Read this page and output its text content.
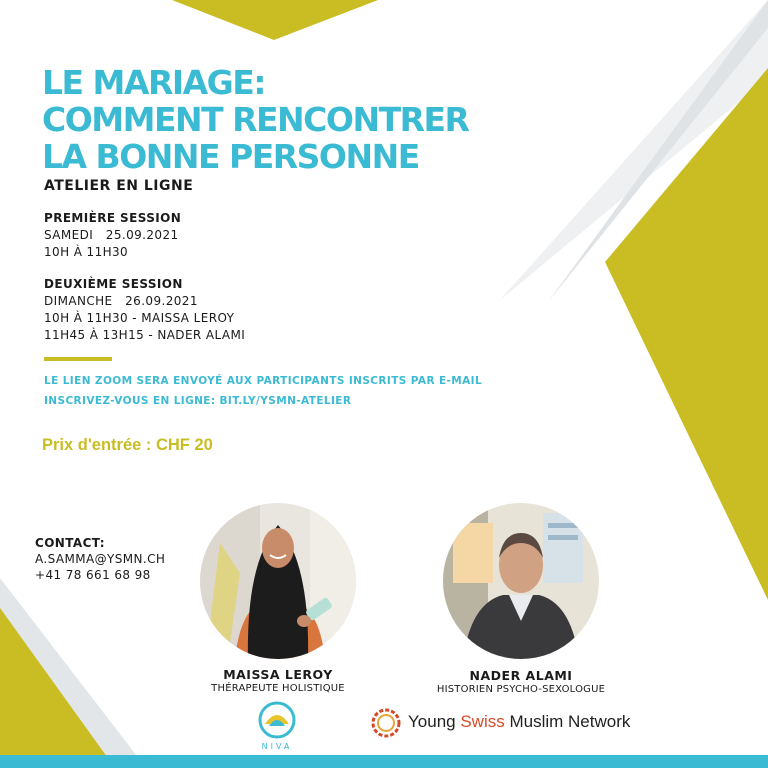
LE MARIAGE:
COMMENT RENCONTRER
LA BONNE PERSONNE
ATELIER EN LIGNE
PREMIÈRE SESSION
SAMEDI   25.09.2021
10H À 11H30
DEUXIÈME SESSION
DIMANCHE   26.09.2021
10H À 11H30 - MAISSA LEROY
11H45 À 13H15 - NADER ALAMI
LE LIEN ZOOM SERA ENVOYÉ AUX PARTICIPANTS INSCRITS PAR E-MAIL
INSCRIVEZ-VOUS EN LIGNE: BIT.LY/YSMN-ATELIER
Prix d'entrée : CHF 20
CONTACT:
A.SAMMA@YSMN.CH
+41 78 661 68 98
MAISSA LEROY
THÉRAPEUTE HOLISTIQUE
NADER ALAMI
HISTORIEN PSYCHO-SEXOLOGUE
NIVA
Young Swiss Muslim Network
